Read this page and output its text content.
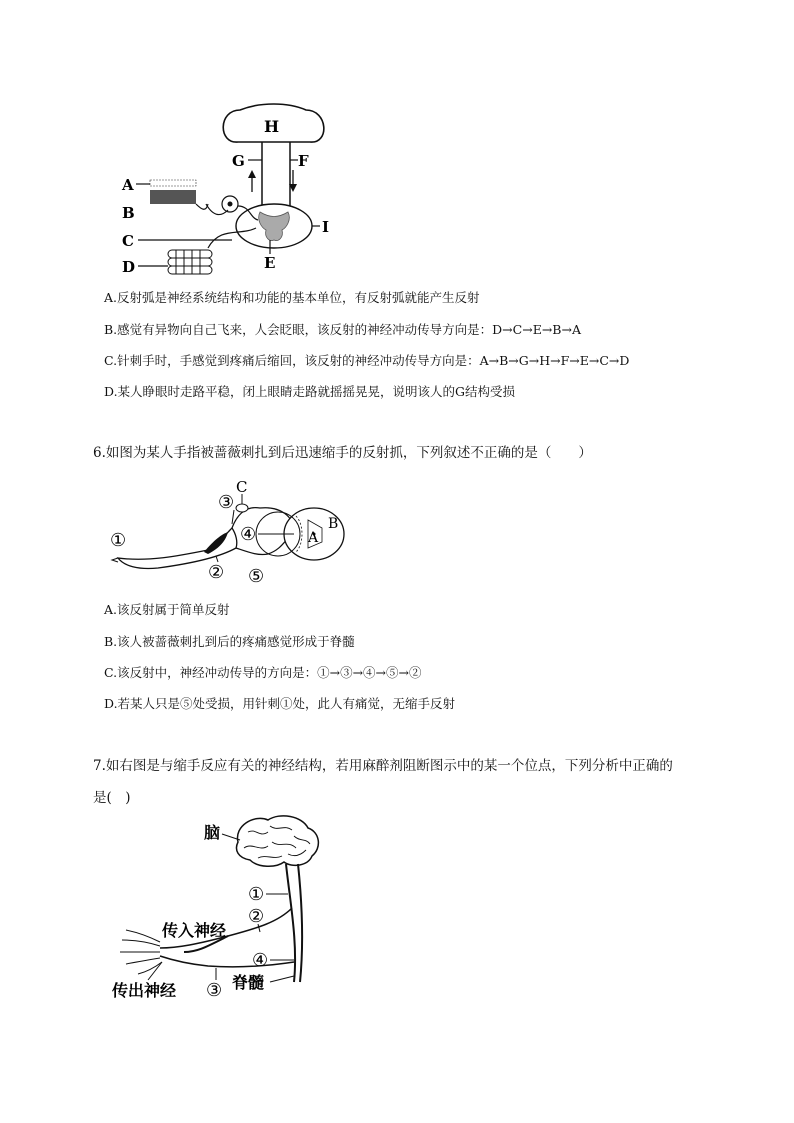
H
G	F
I
E
A
B
C
D
A.反射弧是神经系统结构和功能的基本单位，有反射弧就能产生反射
B.感觉有异物向自己飞来，人会眨眼，该反射的神经冲动传导方向是：D→C→E→B→A
C.针刺手时，手感觉到疼痛后缩回，该反射的神经冲动传导方向是：A→B→G→H→F→E→C→D
D.某人睁眼时走路平稳，闭上眼睛走路就摇摇晃晃，说明该人的G结构受损
6.如图为某人手指被蔷薇刺扎到后迅速缩手的反射抓，下列叙述不正确的是（　　）
①
②
③
④
⑤
C
A
B
A.该反射属于简单反射
B.该人被蔷薇刺扎到后的疼痛感觉形成于脊髓
C.该反射中，神经冲动传导的方向是：①→③→④→⑤→②
D.若某人只是⑤处受损，用针刺①处，此人有痛觉，无缩手反射
7.如右图是与缩手反应有关的神经结构，若用麻醉剂阻断图示中的某一个位点，下列分析中正确的
是(　)
脑
①
②
传入神经
④
脊髓
③
传出神经
